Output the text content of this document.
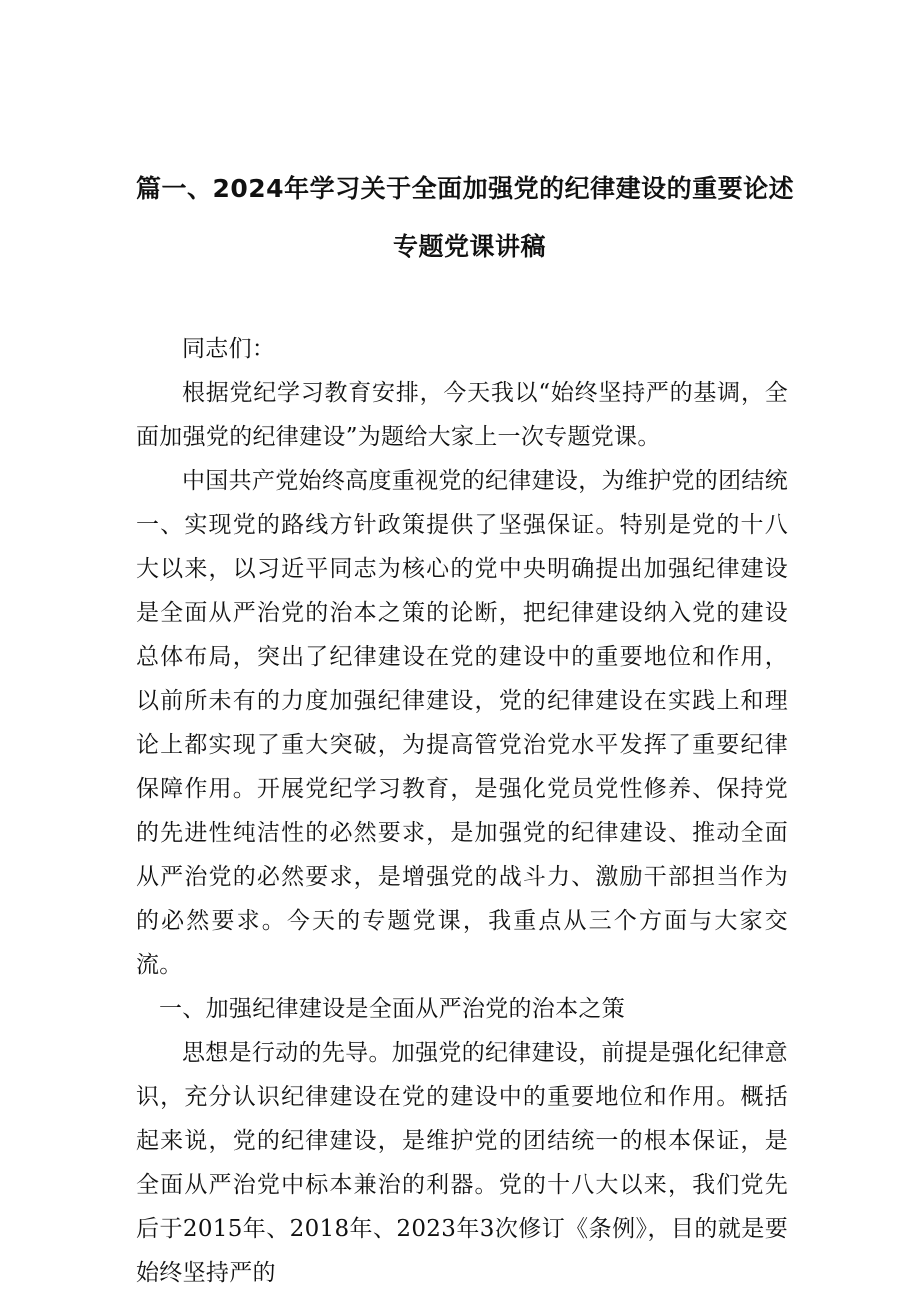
篇一、2024年学习关于全面加强党的纪律建设的重要论述
专题党课讲稿

同志们：

根据党纪学习教育安排，今天我以“始终坚持严的基调，全面加强党的纪律建设”为题给大家上一次专题党课。

中国共产党始终高度重视党的纪律建设，为维护党的团结统一、实现党的路线方针政策提供了坚强保证。特别是党的十八大以来，以习近平同志为核心的党中央明确提出加强纪律建设是全面从严治党的治本之策的论断，把纪律建设纳入党的建设总体布局，突出了纪律建设在党的建设中的重要地位和作用，以前所未有的力度加强纪律建设，党的纪律建设在实践上和理论上都实现了重大突破，为提高管党治党水平发挥了重要纪律保障作用。开展党纪学习教育，是强化党员党性修养、保持党的先进性纯洁性的必然要求，是加强党的纪律建设、推动全面从严治党的必然要求，是增强党的战斗力、激励干部担当作为的必然要求。今天的专题党课，我重点从三个方面与大家交流。

一、加强纪律建设是全面从严治党的治本之策

思想是行动的先导。加强党的纪律建设，前提是强化纪律意识，充分认识纪律建设在党的建设中的重要地位和作用。概括起来说，党的纪律建设，是维护党的团结统一的根本保证，是全面从严治党中标本兼治的利器。党的十八大以来，我们党先后于2015年、2018年、2023年3次修订《条例》，目的就是要始终坚持严的
